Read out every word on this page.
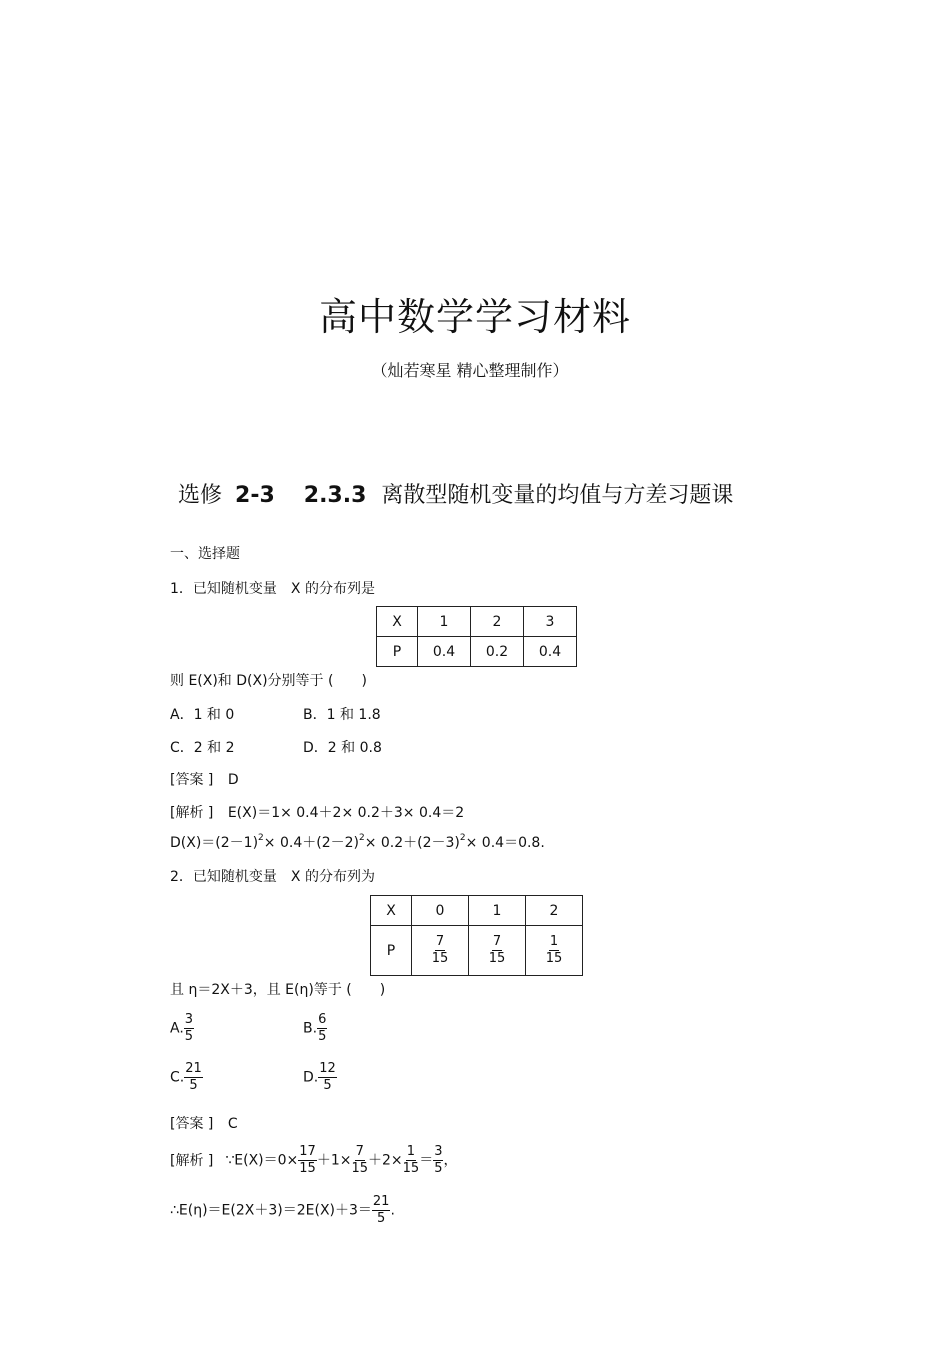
高中数学学习材料
（灿若寒星 精心整理制作）
选修 2-3 2.3.3 离散型随机变量的均值与方差习题课
一、选择题
1．已知随机变量　X 的分布列是
X	1	2	3
P	0.4	0.2	0.4
则 E(X)和 D(X)分别等于 (　　)
A．1 和 0	B．1 和 1.8
C．2 和 2	D．2 和 0.8
[答案 ] D
[解析 ] E(X)＝1× 0.4＋2× 0.2＋3× 0.4＝2
$D(X)=(2-1)^2\times 0.4+(2-2)^2\times 0.2+(2-3)^2\times 0.4=0.8$.
2．已知随机变量　X 的分布列为
X	0	1	2
P	$\frac{7}{15}$	$\frac{7}{15}$	$\frac{1}{15}$
且 η＝2X＋3，且 E(η)等于 (　　)
A. $\frac{3}{5}$	B. $\frac{6}{5}$
C. $\frac{21}{5}$	D. $\frac{12}{5}$
[答案 ] C
[解析 ] ∵E(X)＝0× $\frac{17}{15} +1\times \frac{7}{15} +2\times \frac{1}{15} = \frac{3}{5}$ ，
∴E(η)＝E(2X＋3)＝2E(X)＋3＝ $\frac{21}{5}$ .
